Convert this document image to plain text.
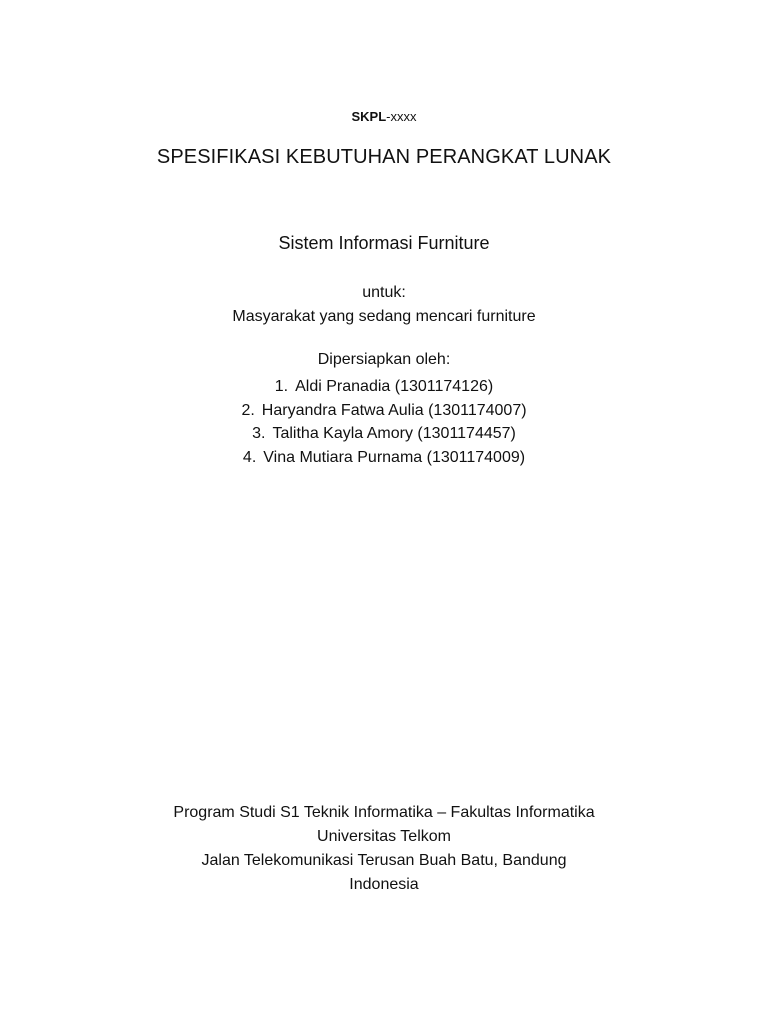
SKPL-xxxx
SPESIFIKASI KEBUTUHAN PERANGKAT LUNAK
Sistem Informasi Furniture
untuk:
Masyarakat yang sedang mencari furniture
Dipersiapkan oleh:
1. Aldi Pranadia (1301174126)
2. Haryandra Fatwa Aulia (1301174007)
3. Talitha Kayla Amory (1301174457)
4. Vina Mutiara Purnama (1301174009)
Program Studi S1 Teknik Informatika – Fakultas Informatika
Universitas Telkom
Jalan Telekomunikasi Terusan Buah Batu, Bandung
Indonesia
